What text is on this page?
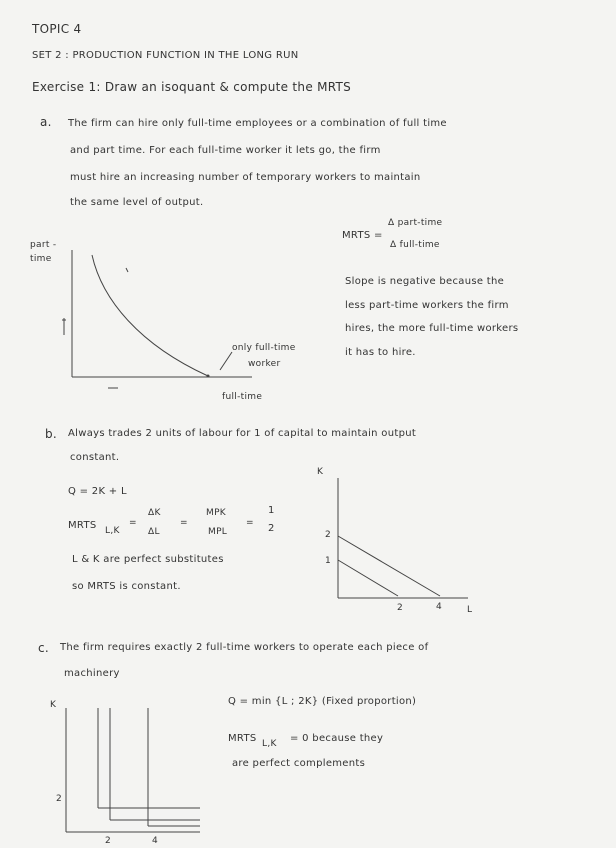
TOPIC 4
SET 2 : PRODUCTION FUNCTION IN THE LONG RUN
Exercise 1: Draw an isoquant & compute the MRTS
a. The firm can hire only full-time employees or a combination of full time
and part time. For each full-time worker it lets go, the firm
must hire an increasing number of temporary workers to maintain
the same level of output.
MRTS =
Δ part-time
Δ full-time
Slope is negative because the
less part-time workers the firm
hires, the more full-time workers
it has to hire.
part -
time
only full-time
worker
full-time
b. Always trades 2 units of labour for 1 of capital to maintain output
constant.
Q = 2K + L
MRTS L,K
=
ΔK
ΔL
=
MPK
MPL
=
1
2
L & K are perfect substitutes
so MRTS is constant.
K
2
1
2	4	L
c. The firm requires exactly 2 full-time workers to operate each piece of
machinery
Q = min {L ; 2K} (Fixed proportion)
MRTS L,K = 0 because they
are perfect complements
K
2
2	4
